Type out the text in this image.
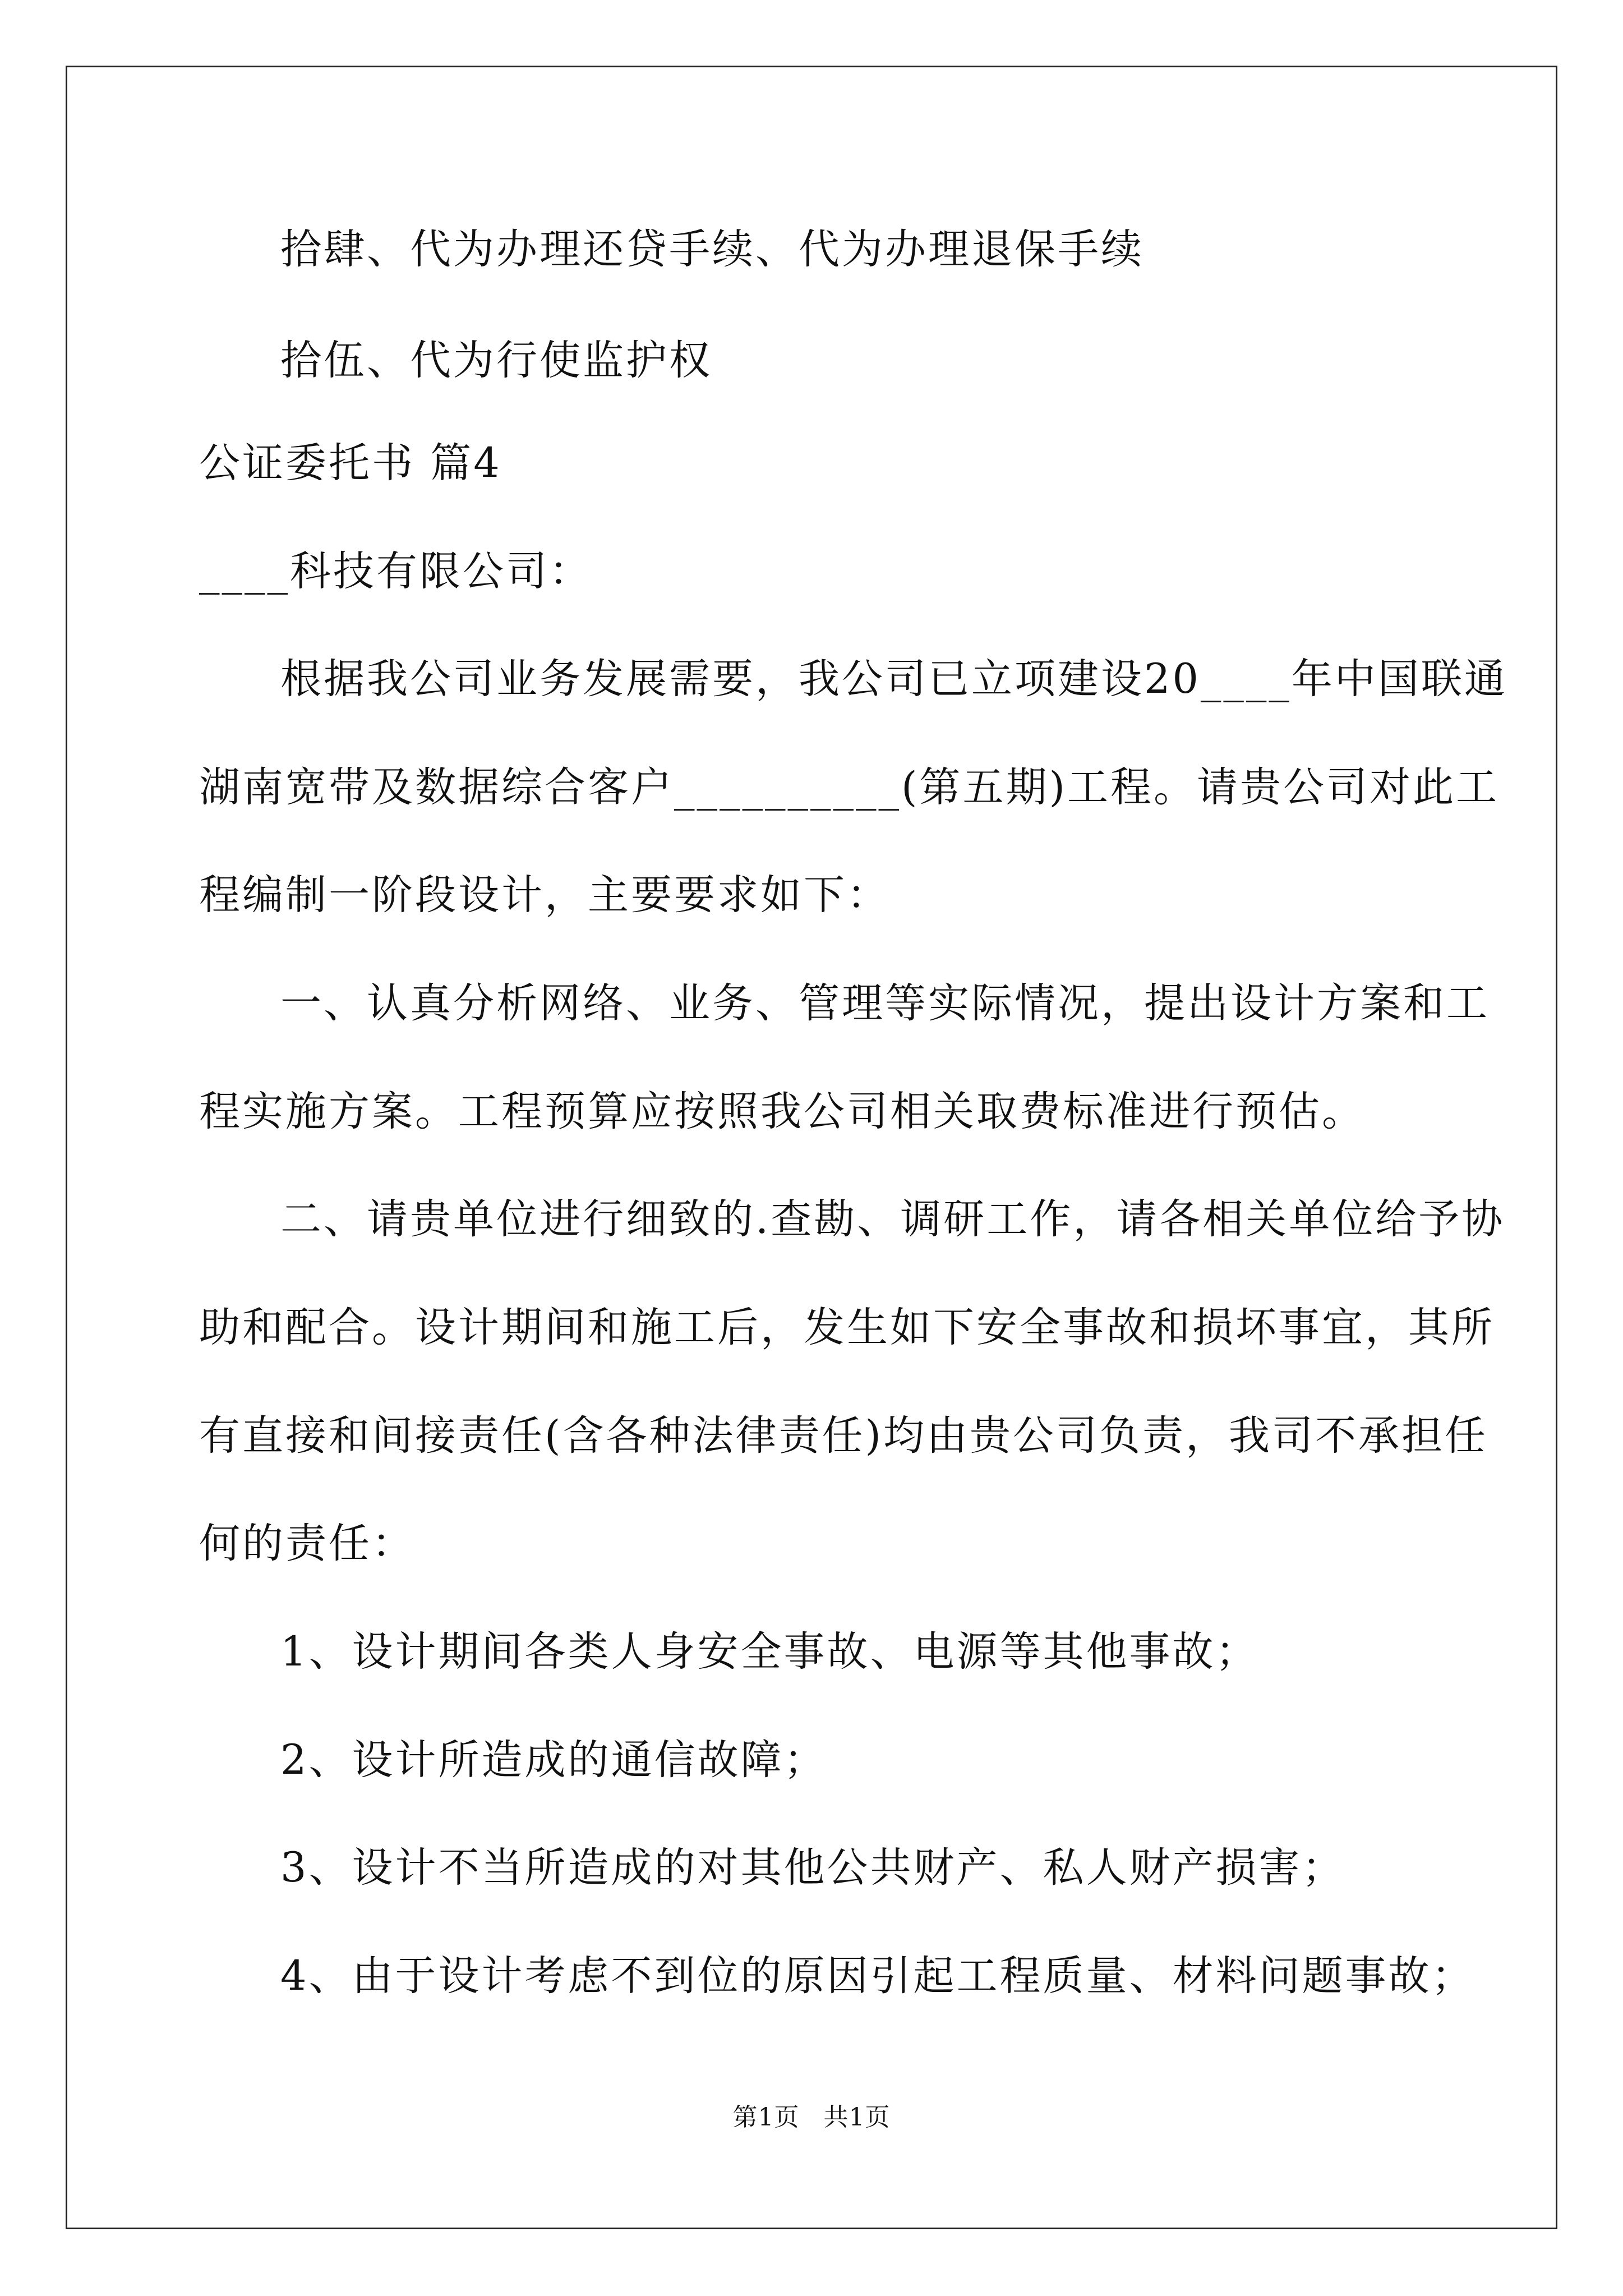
拾肆、代为办理还贷手续、代为办理退保手续
拾伍、代为行使监护权
公证委托书 篇4
____科技有限公司：
根据我公司业务发展需要，我公司已立项建设20____年中国联通
湖南宽带及数据综合客户__________(第五期)工程。请贵公司对此工
程编制一阶段设计，主要要求如下：
一、认真分析网络、业务、管理等实际情况，提出设计方案和工
程实施方案。工程预算应按照我公司相关取费标准进行预估。
二、请贵单位进行细致的.查勘、调研工作，请各相关单位给予协
助和配合。设计期间和施工后，发生如下安全事故和损坏事宜，其所
有直接和间接责任(含各种法律责任)均由贵公司负责，我司不承担任
何的责任：
1、设计期间各类人身安全事故、电源等其他事故；
2、设计所造成的通信故障；
3、设计不当所造成的对其他公共财产、私人财产损害；
4、由于设计考虑不到位的原因引起工程质量、材料问题事故；
第1页 共1页
